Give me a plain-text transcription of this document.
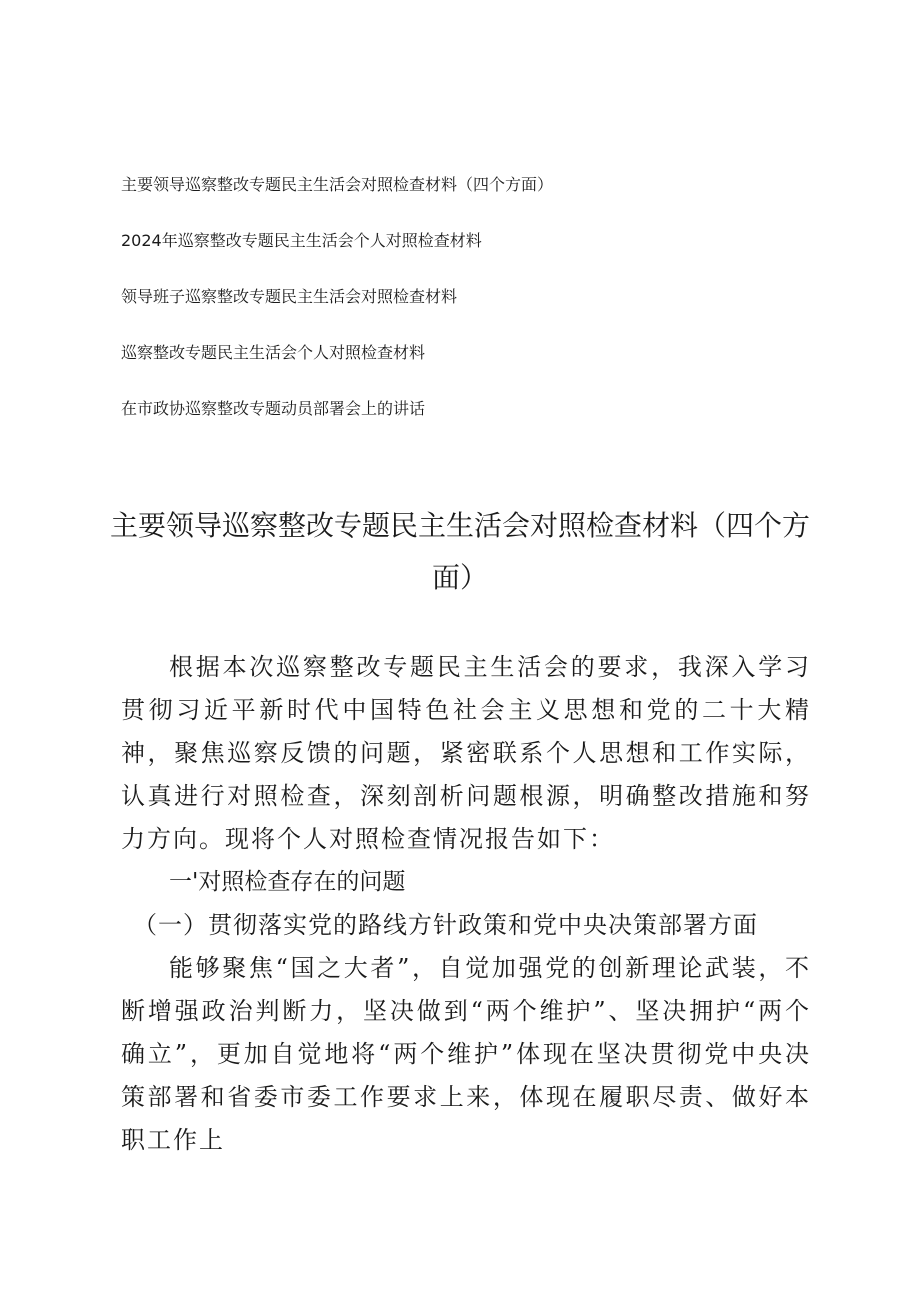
主要领导巡察整改专题民主生活会对照检查材料（四个方面）
2024年巡察整改专题民主生活会个人对照检查材料
领导班子巡察整改专题民主生活会对照检查材料
巡察整改专题民主生活会个人对照检查材料
在市政协巡察整改专题动员部署会上的讲话
主要领导巡察整改专题民主生活会对照检查材料（四个方面）

根据本次巡察整改专题民主生活会的要求，我深入学习贯彻习近平新时代中国特色社会主义思想和党的二十大精神，聚焦巡察反馈的问题，紧密联系个人思想和工作实际，认真进行对照检查，深刻剖析问题根源，明确整改措施和努力方向。现将个人对照检查情况报告如下：

一'对照检查存在的问题

（一）贯彻落实党的路线方针政策和党中央决策部署方面

能够聚焦“国之大者”，自觉加强党的创新理论武装，不断增强政治判断力，坚决做到“两个维护”、坚决拥护“两个确立”，更加自觉地将“两个维护”体现在坚决贯彻党中央决策部署和省委市委工作要求上来，体现在履职尽责、做好本职工作上
